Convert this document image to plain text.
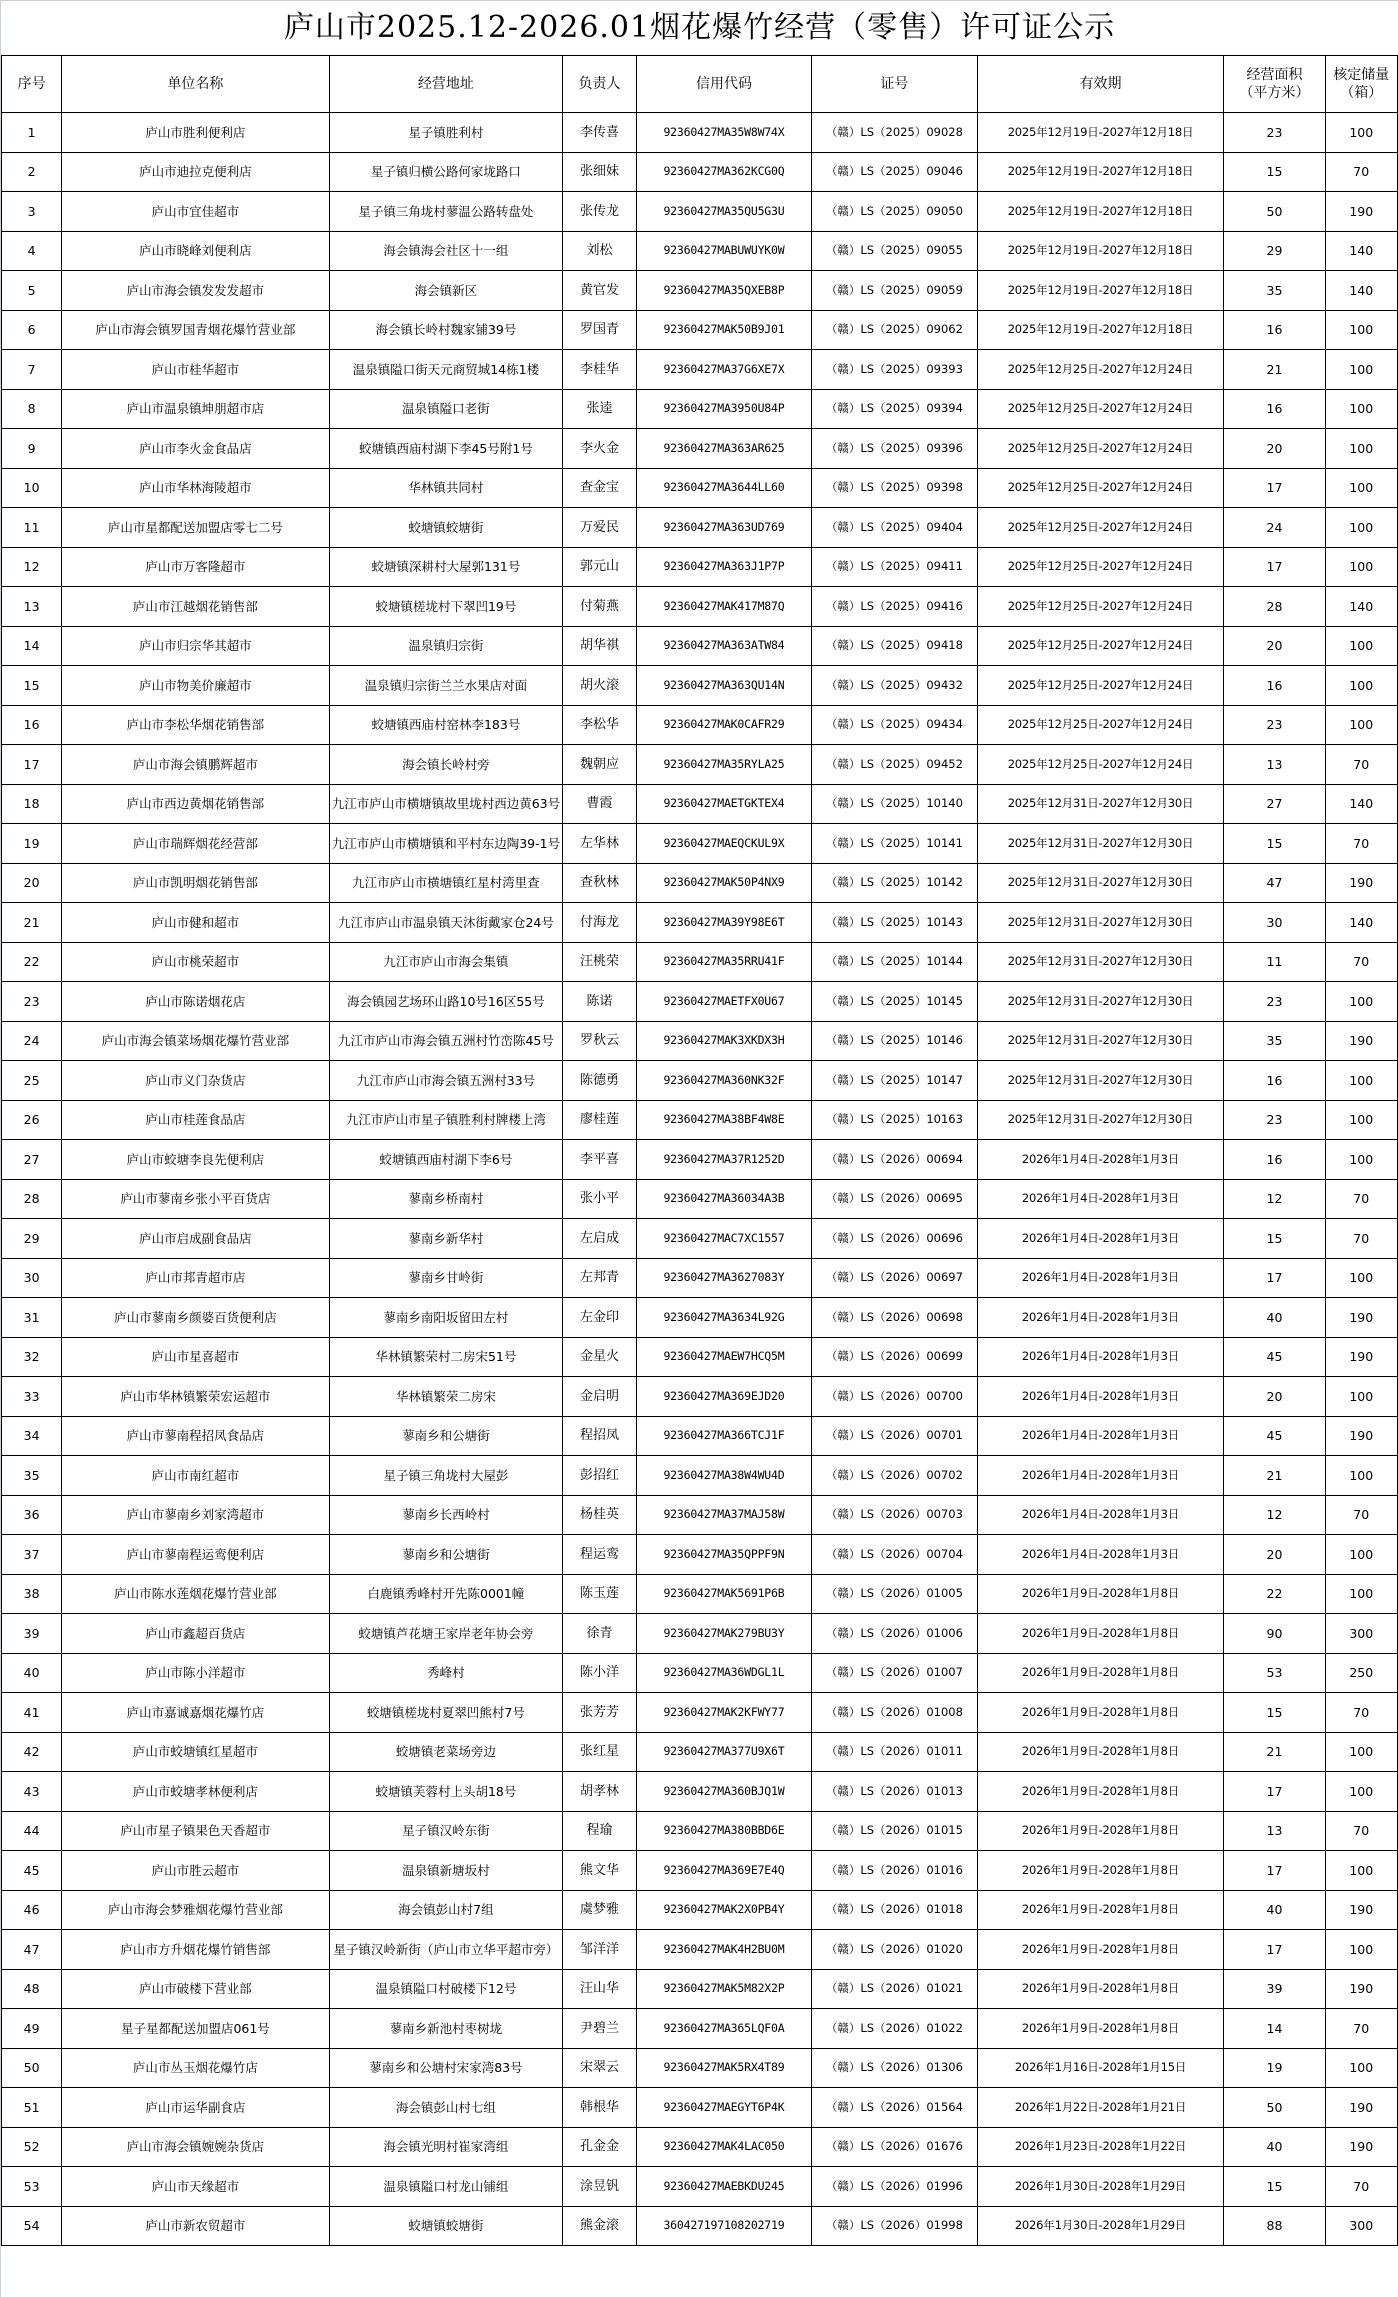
庐山市2025.12-2026.01烟花爆竹经营（零售）许可证公示
序号	单位名称	经营地址	负责人	信用代码	证号	有效期	经营面积（平方米）	核定储量（箱）
1	庐山市胜利便利店	星子镇胜利村	李传喜	92360427MA35W8W74X	（赣）LS（2025）09028	2025年12月19日-2027年12月18日	23	100
2	庐山市迪拉克便利店	星子镇归横公路何家垅路口	张细妹	92360427MA362KCG0Q	（赣）LS（2025）09046	2025年12月19日-2027年12月18日	15	70
3	庐山市宜佳超市	星子镇三角垅村蓼温公路转盘处	张传龙	92360427MA35QU5G3U	（赣）LS（2025）09050	2025年12月19日-2027年12月18日	50	190
4	庐山市晓峰刘便利店	海会镇海会社区十一组	刘松	92360427MABUWUYK0W	（赣）LS（2025）09055	2025年12月19日-2027年12月18日	29	140
5	庐山市海会镇发发发超市	海会镇新区	黄官发	92360427MA35QXEB8P	（赣）LS（2025）09059	2025年12月19日-2027年12月18日	35	140
6	庐山市海会镇罗国青烟花爆竹营业部	海会镇长岭村魏家铺39号	罗国青	92360427MAK50B9J01	（赣）LS（2025）09062	2025年12月19日-2027年12月18日	16	100
7	庐山市桂华超市	温泉镇隘口街天元商贸城14栋1楼	李桂华	92360427MA37G6XE7X	（赣）LS（2025）09393	2025年12月25日-2027年12月24日	21	100
8	庐山市温泉镇坤朋超市店	温泉镇隘口老街	张逵	92360427MA3950U84P	（赣）LS（2025）09394	2025年12月25日-2027年12月24日	16	100
9	庐山市李火金食品店	蛟塘镇西庙村湖下李45号附1号	李火金	92360427MA363AR625	（赣）LS（2025）09396	2025年12月25日-2027年12月24日	20	100
10	庐山市华林海陵超市	华林镇共同村	查金宝	92360427MA3644LL60	（赣）LS（2025）09398	2025年12月25日-2027年12月24日	17	100
11	庐山市星都配送加盟店零七二号	蛟塘镇蛟塘街	万爱民	92360427MA363UD769	（赣）LS（2025）09404	2025年12月25日-2027年12月24日	24	100
12	庐山市万客隆超市	蛟塘镇深耕村大屋郭131号	郭元山	92360427MA363J1P7P	（赣）LS（2025）09411	2025年12月25日-2027年12月24日	17	100
13	庐山市江越烟花销售部	蛟塘镇槎垅村下翠凹19号	付菊燕	92360427MAK417M87Q	（赣）LS（2025）09416	2025年12月25日-2027年12月24日	28	140
14	庐山市归宗华其超市	温泉镇归宗街	胡华祺	92360427MA363ATW84	（赣）LS（2025）09418	2025年12月25日-2027年12月24日	20	100
15	庐山市物美价廉超市	温泉镇归宗街兰兰水果店对面	胡火滚	92360427MA363QU14N	（赣）LS（2025）09432	2025年12月25日-2027年12月24日	16	100
16	庐山市李松华烟花销售部	蛟塘镇西庙村窑林李183号	李松华	92360427MAK0CAFR29	（赣）LS（2025）09434	2025年12月25日-2027年12月24日	23	100
17	庐山市海会镇鹏辉超市	海会镇长岭村旁	魏朝应	92360427MA35RYLA25	（赣）LS（2025）09452	2025年12月25日-2027年12月24日	13	70
18	庐山市西边黄烟花销售部	九江市庐山市横塘镇故里垅村西边黄63号	曹霞	92360427MAETGKTEX4	（赣）LS（2025）10140	2025年12月31日-2027年12月30日	27	140
19	庐山市瑞辉烟花经营部	九江市庐山市横塘镇和平村东边陶39-1号	左华林	92360427MAEQCKUL9X	（赣）LS（2025）10141	2025年12月31日-2027年12月30日	15	70
20	庐山市凯明烟花销售部	九江市庐山市横塘镇红星村湾里查	查秋林	92360427MAK50P4NX9	（赣）LS（2025）10142	2025年12月31日-2027年12月30日	47	190
21	庐山市健和超市	九江市庐山市温泉镇天沐街戴家仓24号	付海龙	92360427MA39Y98E6T	（赣）LS（2025）10143	2025年12月31日-2027年12月30日	30	140
22	庐山市桃荣超市	九江市庐山市海会集镇	汪桃荣	92360427MA35RRU41F	（赣）LS（2025）10144	2025年12月31日-2027年12月30日	11	70
23	庐山市陈诺烟花店	海会镇园艺场环山路10号16区55号	陈诺	92360427MAETFX0U67	（赣）LS（2025）10145	2025年12月31日-2027年12月30日	23	100
24	庐山市海会镇菜场烟花爆竹营业部	九江市庐山市海会镇五洲村竹峦陈45号	罗秋云	92360427MAK3XKDX3H	（赣）LS（2025）10146	2025年12月31日-2027年12月30日	35	190
25	庐山市义门杂货店	九江市庐山市海会镇五洲村33号	陈德勇	92360427MA360NK32F	（赣）LS（2025）10147	2025年12月31日-2027年12月30日	16	100
26	庐山市桂莲食品店	九江市庐山市星子镇胜利村牌楼上湾	廖桂莲	92360427MA38BF4W8E	（赣）LS（2025）10163	2025年12月31日-2027年12月30日	23	100
27	庐山市蛟塘李良先便利店	蛟塘镇西庙村湖下李6号	李平喜	92360427MA37R1252D	（赣）LS（2026）00694	2026年1月4日-2028年1月3日	16	100
28	庐山市蓼南乡张小平百货店	蓼南乡桥南村	张小平	92360427MA36034A3B	（赣）LS（2026）00695	2026年1月4日-2028年1月3日	12	70
29	庐山市启成副食品店	蓼南乡新华村	左启成	92360427MAC7XC1557	（赣）LS（2026）00696	2026年1月4日-2028年1月3日	15	70
30	庐山市邦青超市店	蓼南乡甘岭街	左邦青	92360427MA3627083Y	（赣）LS（2026）00697	2026年1月4日-2028年1月3日	17	100
31	庐山市蓼南乡颜婆百货便利店	蓼南乡南阳坂留田左村	左金印	92360427MA3634L92G	（赣）LS（2026）00698	2026年1月4日-2028年1月3日	40	190
32	庐山市星喜超市	华林镇繁荣村二房宋51号	金星火	92360427MAEW7HCQ5M	（赣）LS（2026）00699	2026年1月4日-2028年1月3日	45	190
33	庐山市华林镇繁荣宏运超市	华林镇繁荣二房宋	金启明	92360427MA369EJD20	（赣）LS（2026）00700	2026年1月4日-2028年1月3日	20	100
34	庐山市蓼南程招凤食品店	蓼南乡和公塘街	程招凤	92360427MA366TCJ1F	（赣）LS（2026）00701	2026年1月4日-2028年1月3日	45	190
35	庐山市南红超市	星子镇三角垅村大屋彭	彭招红	92360427MA38W4WU4D	（赣）LS（2026）00702	2026年1月4日-2028年1月3日	21	100
36	庐山市蓼南乡刘家湾超市	蓼南乡长西岭村	杨桂英	92360427MA37MAJ58W	（赣）LS（2026）00703	2026年1月4日-2028年1月3日	12	70
37	庐山市蓼南程运鸾便利店	蓼南乡和公塘街	程运鸾	92360427MA35QPPF9N	（赣）LS（2026）00704	2026年1月4日-2028年1月3日	20	100
38	庐山市陈水莲烟花爆竹营业部	白鹿镇秀峰村开先陈0001幢	陈玉莲	92360427MAK5691P6B	（赣）LS（2026）01005	2026年1月9日-2028年1月8日	22	100
39	庐山市鑫超百货店	蛟塘镇芦花塘王家岸老年协会旁	徐青	92360427MAK279BU3Y	（赣）LS（2026）01006	2026年1月9日-2028年1月8日	90	300
40	庐山市陈小洋超市	秀峰村	陈小洋	92360427MA36WDGL1L	（赣）LS（2026）01007	2026年1月9日-2028年1月8日	53	250
41	庐山市嘉诚嘉烟花爆竹店	蛟塘镇槎垅村夏翠凹熊村7号	张芳芳	92360427MAK2KFWY77	（赣）LS（2026）01008	2026年1月9日-2028年1月8日	15	70
42	庐山市蛟塘镇红星超市	蛟塘镇老菜场旁边	张红星	92360427MA377U9X6T	（赣）LS（2026）01011	2026年1月9日-2028年1月8日	21	100
43	庐山市蛟塘孝林便利店	蛟塘镇芙蓉村上头胡18号	胡孝林	92360427MA360BJQ1W	（赣）LS（2026）01013	2026年1月9日-2028年1月8日	17	100
44	庐山市星子镇果色天香超市	星子镇汉岭东街	程瑜	92360427MA380BBD6E	（赣）LS（2026）01015	2026年1月9日-2028年1月8日	13	70
45	庐山市胜云超市	温泉镇新塘坂村	熊文华	92360427MA369E7E4Q	（赣）LS（2026）01016	2026年1月9日-2028年1月8日	17	100
46	庐山市海会梦雅烟花爆竹营业部	海会镇彭山村7组	虞梦雅	92360427MAK2X0PB4Y	（赣）LS（2026）01018	2026年1月9日-2028年1月8日	40	190
47	庐山市方升烟花爆竹销售部	星子镇汉岭新街（庐山市立华平超市旁）	邹洋洋	92360427MAK4H2BU0M	（赣）LS（2026）01020	2026年1月9日-2028年1月8日	17	100
48	庐山市破楼下营业部	温泉镇隘口村破楼下12号	汪山华	92360427MAK5M82X2P	（赣）LS（2026）01021	2026年1月9日-2028年1月8日	39	190
49	星子星都配送加盟店061号	蓼南乡新池村枣树垅	尹碧兰	92360427MA365LQF0A	（赣）LS（2026）01022	2026年1月9日-2028年1月8日	14	70
50	庐山市丛玉烟花爆竹店	蓼南乡和公塘村宋家湾83号	宋翠云	92360427MAK5RX4T89	（赣）LS（2026）01306	2026年1月16日-2028年1月15日	19	100
51	庐山市运华副食店	海会镇彭山村七组	韩根华	92360427MAEGYT6P4K	（赣）LS（2026）01564	2026年1月22日-2028年1月21日	50	190
52	庐山市海会镇婉婉杂货店	海会镇光明村崔家湾组	孔金金	92360427MAK4LAC050	（赣）LS（2026）01676	2026年1月23日-2028年1月22日	40	190
53	庐山市天缘超市	温泉镇隘口村龙山铺组	涂昱钒	92360427MAEBKDU245	（赣）LS（2026）01996	2026年1月30日-2028年1月29日	15	70
54	庐山市新农贸超市	蛟塘镇蛟塘街	熊金滚	360427197108202719	（赣）LS（2026）01998	2026年1月30日-2028年1月29日	88	300
